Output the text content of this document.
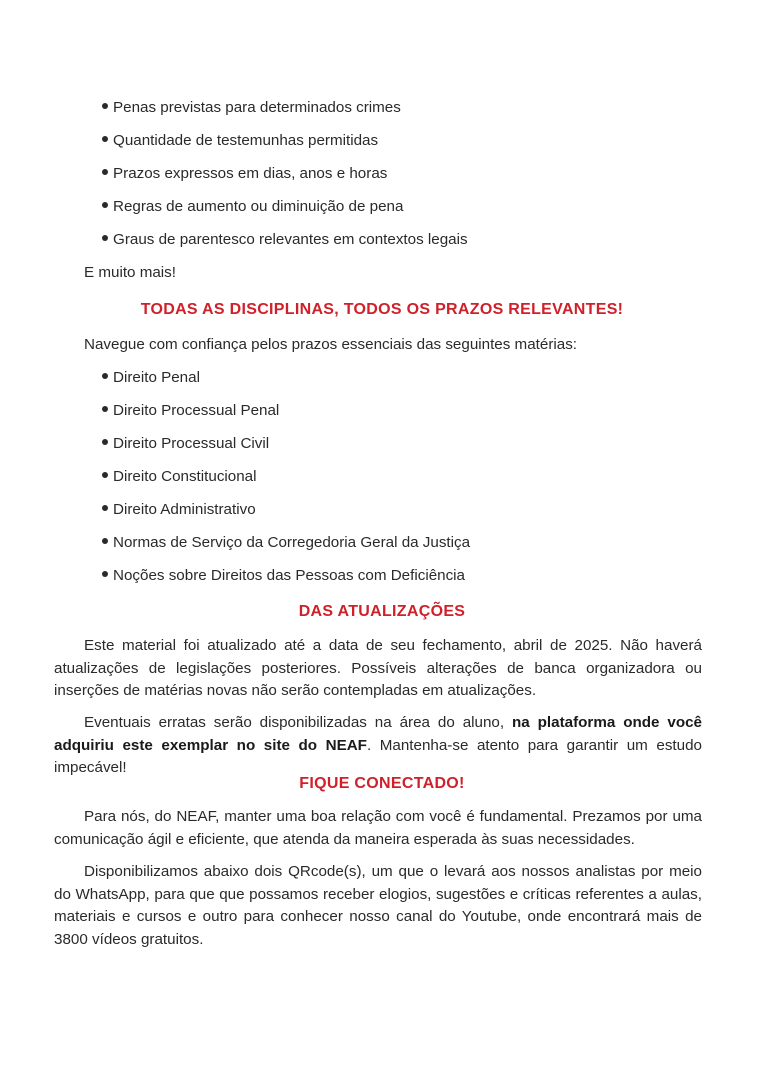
Penas previstas para determinados crimes
Quantidade de testemunhas permitidas
Prazos expressos em dias, anos e horas
Regras de aumento ou diminuição de pena
Graus de parentesco relevantes em contextos legais
E muito mais!
TODAS AS DISCIPLINAS, TODOS OS PRAZOS RELEVANTES!
Navegue com confiança pelos prazos essenciais das seguintes matérias:
Direito Penal
Direito Processual Penal
Direito Processual Civil
Direito Constitucional
Direito Administrativo
Normas de Serviço da Corregedoria Geral da Justiça
Noções sobre Direitos das Pessoas com Deficiência
DAS ATUALIZAÇÕES

Este material foi atualizado até a data de seu fechamento, abril de 2025. Não haverá atualizações de legislações posteriores. Possíveis alterações de banca organizadora ou inserções de matérias novas não serão contempladas em atualizações.

Eventuais erratas serão disponibilizadas na área do aluno, na plataforma onde você adquiriu este exemplar no site do NEAF. Mantenha-se atento para garantir um estudo impecável!

FIQUE CONECTADO!

Para nós, do NEAF, manter uma boa relação com você é fundamental. Prezamos por uma comunicação ágil e eficiente, que atenda da maneira esperada às suas necessidades.

Disponibilizamos abaixo dois QRcode(s), um que o levará aos nossos analistas por meio do WhatsApp, para que que possamos receber elogios, sugestões e críticas referentes a aulas, materiais e cursos e outro para conhecer nosso canal do Youtube, onde encontrará mais de 3800 vídeos gratuitos.
